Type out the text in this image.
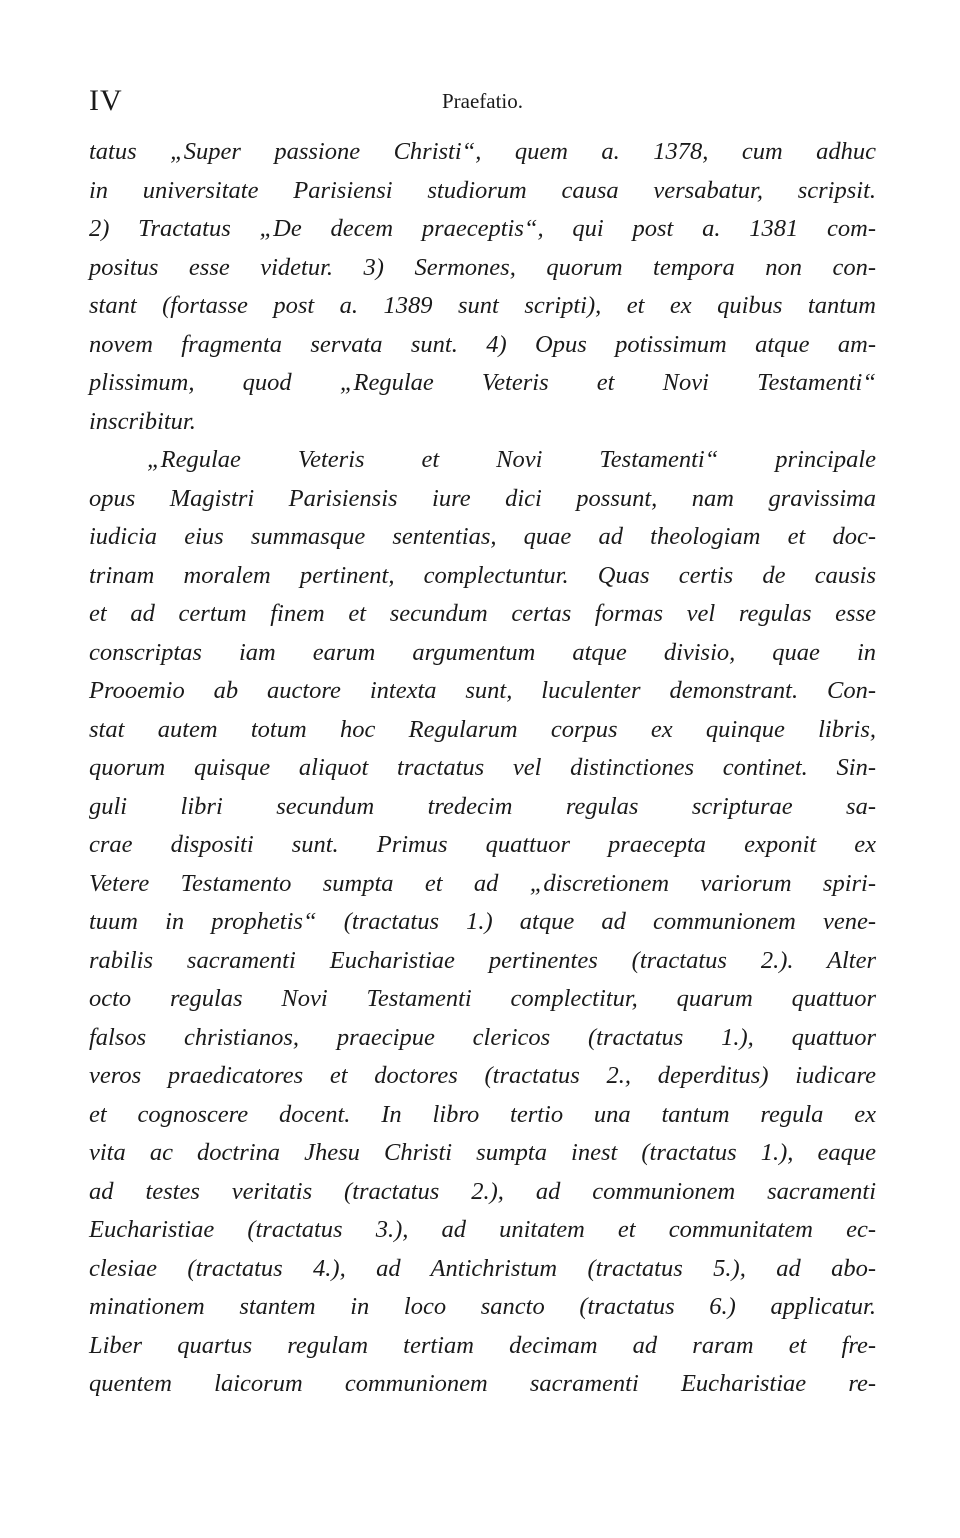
IV	Praefatio.
tatus „Super passione Christi“, quem a. 1378, cum adhuc
in universitate Parisiensi studiorum causa versabatur, scripsit.
2) Tractatus „De decem praeceptis“, qui post a. 1381 com-
positus esse videtur. 3) Sermones, quorum tempora non con-
stant (fortasse post a. 1389 sunt scripti), et ex quibus tantum
novem fragmenta servata sunt. 4) Opus potissimum atque am-
plissimum, quod „Regulae Veteris et Novi Testamenti“
inscribitur.
„Regulae Veteris et Novi Testamenti“ principale
opus Magistri Parisiensis iure dici possunt, nam gravissima
iudicia eius summasque sententias, quae ad theologiam et doc-
trinam moralem pertinent, complectuntur. Quas certis de causis
et ad certum finem et secundum certas formas vel regulas esse
conscriptas iam earum argumentum atque divisio, quae in
Prooemio ab auctore intexta sunt, luculenter demonstrant. Con-
stat autem totum hoc Regularum corpus ex quinque libris,
quorum quisque aliquot tractatus vel distinctiones continet. Sin-
guli libri secundum tredecim regulas scripturae sa-
crae dispositi sunt. Primus quattuor praecepta exponit ex
Vetere Testamento sumpta et ad „discretionem variorum spiri-
tuum in prophetis“ (tractatus 1.) atque ad communionem vene-
rabilis sacramenti Eucharistiae pertinentes (tractatus 2.). Alter
octo regulas Novi Testamenti complectitur, quarum quattuor
falsos christianos, praecipue clericos (tractatus 1.), quattuor
veros praedicatores et doctores (tractatus 2., deperditus) iudicare
et cognoscere docent. In libro tertio una tantum regula ex
vita ac doctrina Jhesu Christi sumpta inest (tractatus 1.), eaque
ad testes veritatis (tractatus 2.), ad communionem sacramenti
Eucharistiae (tractatus 3.), ad unitatem et communitatem ec-
clesiae (tractatus 4.), ad Antichristum (tractatus 5.), ad abo-
minationem stantem in loco sancto (tractatus 6.) applicatur.
Liber quartus regulam tertiam decimam ad raram et fre-
quentem laicorum communionem sacramenti Eucharistiae re-
